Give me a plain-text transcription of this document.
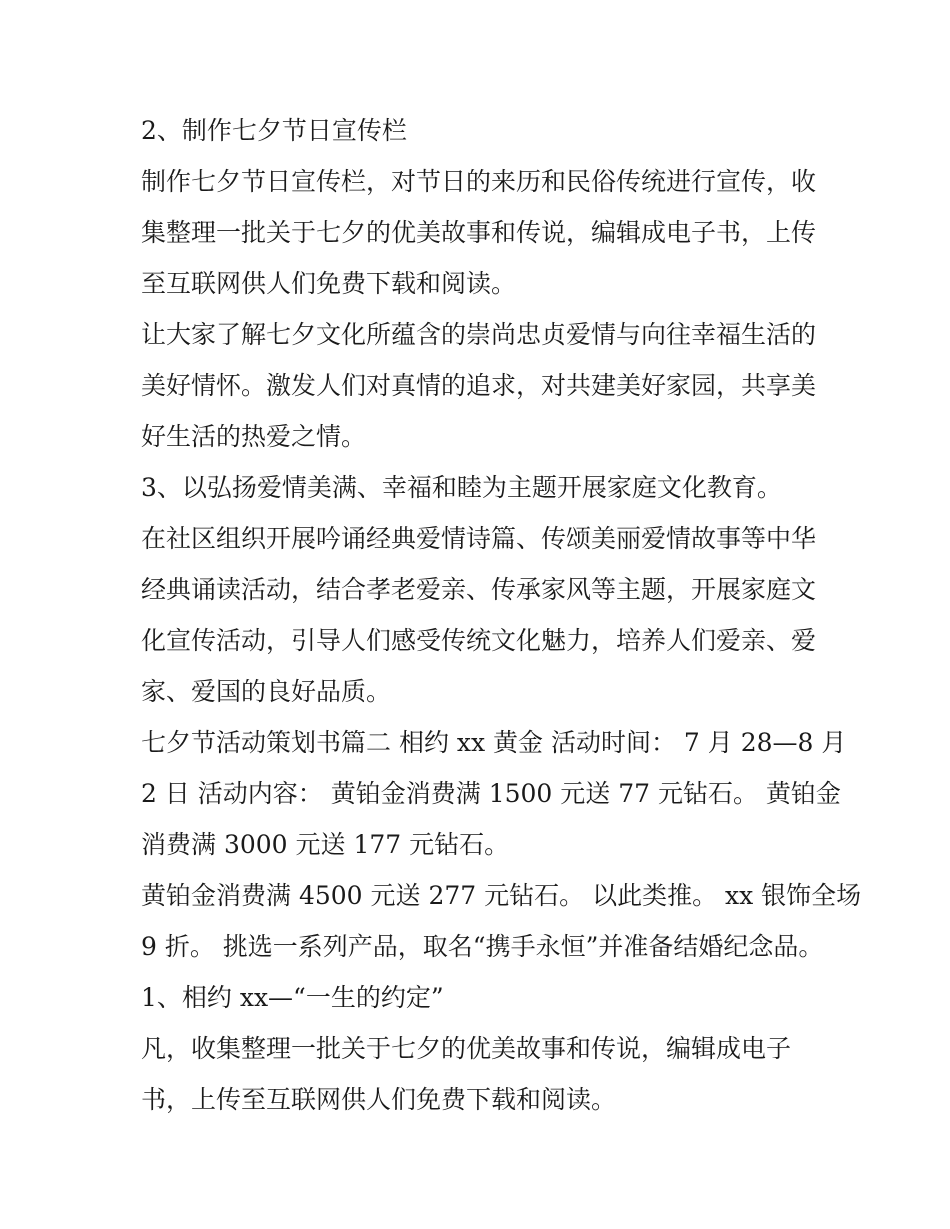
2、制作七夕节日宣传栏
制作七夕节日宣传栏，对节日的来历和民俗传统进行宣传，收
集整理一批关于七夕的优美故事和传说，编辑成电子书，上传
至互联网供人们免费下载和阅读。
让大家了解七夕文化所蕴含的崇尚忠贞爱情与向往幸福生活的
美好情怀。激发人们对真情的追求，对共建美好家园，共享美
好生活的热爱之情。
3、以弘扬爱情美满、幸福和睦为主题开展家庭文化教育。
在社区组织开展吟诵经典爱情诗篇、传颂美丽爱情故事等中华
经典诵读活动，结合孝老爱亲、传承家风等主题，开展家庭文
化宣传活动，引导人们感受传统文化魅力，培养人们爱亲、爱
家、爱国的良好品质。
七夕节活动策划书篇二 相约 xx 黄金 活动时间： 7 月 28—8 月
2 日 活动内容： 黄铂金消费满 1500 元送 77 元钻石。 黄铂金
消费满 3000 元送 177 元钻石。
黄铂金消费满 4500 元送 277 元钻石。 以此类推。 xx 银饰全场
9 折。 挑选一系列产品，取名“携手永恒”并准备结婚纪念品。
1、相约 xx—“一生的约定”
凡，收集整理一批关于七夕的优美故事和传说，编辑成电子
书，上传至互联网供人们免费下载和阅读。
